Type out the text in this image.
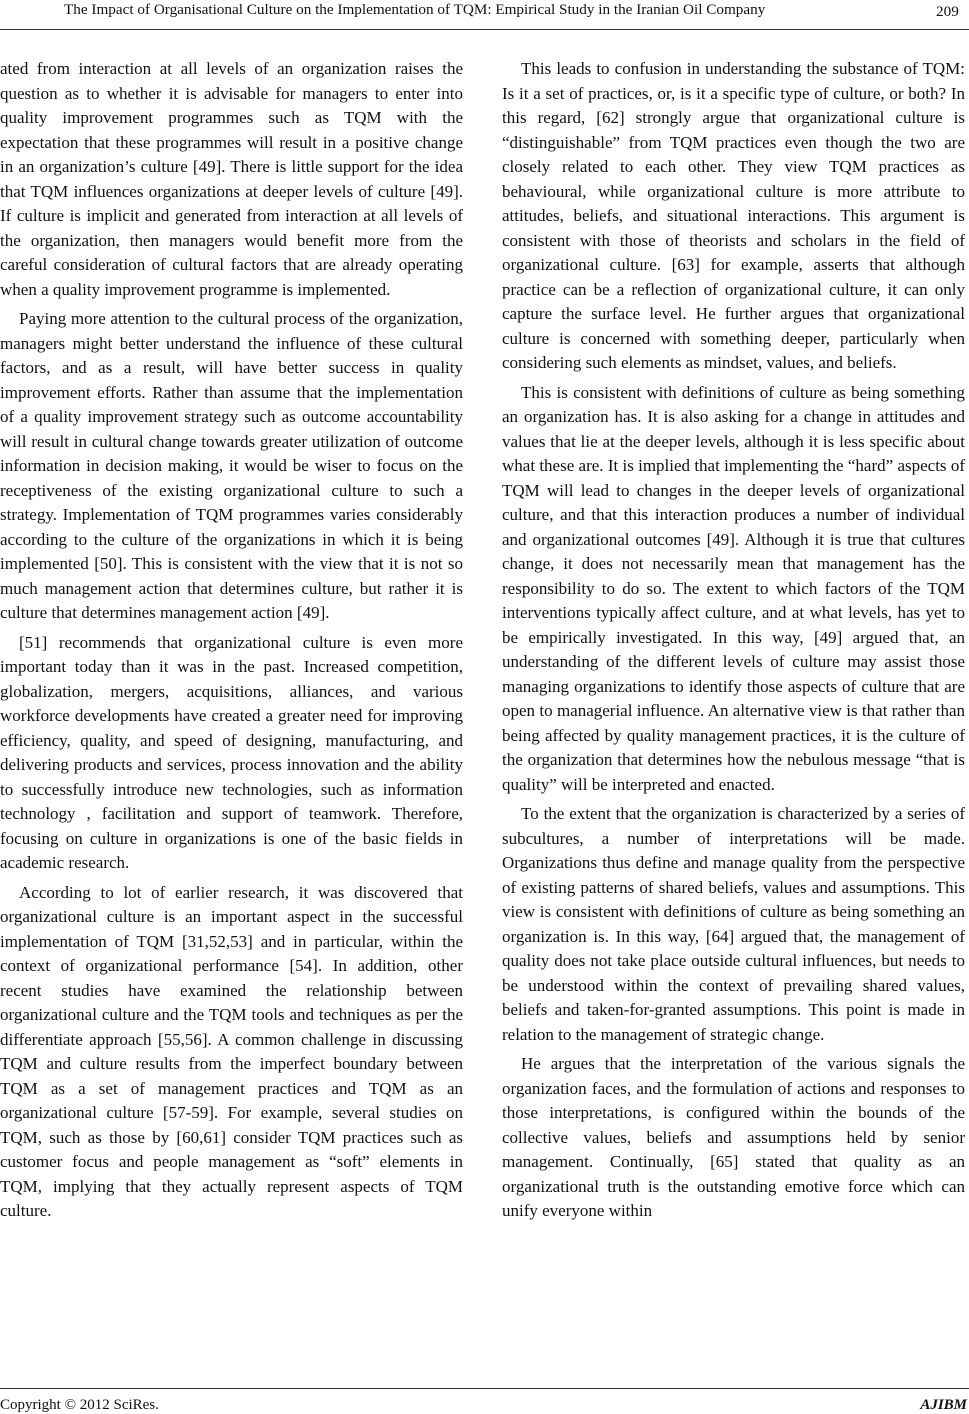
The Impact of Organisational Culture on the Implementation of TQM: Empirical Study in the Iranian Oil Company	209

ated from interaction at all levels of an organization raises the question as to whether it is advisable for managers to enter into quality improvement programmes such as TQM with the expectation that these programmes will result in a positive change in an organization’s culture [49]. There is little support for the idea that TQM influences organizations at deeper levels of culture [49]. If culture is implicit and generated from interaction at all levels of the organization, then managers would benefit more from the careful consideration of cultural factors that are already operating when a quality improvement programme is implemented.

Paying more attention to the cultural process of the organization, managers might better understand the influence of these cultural factors, and as a result, will have better success in quality improvement efforts. Rather than assume that the implementation of a quality improvement strategy such as outcome accountability will result in cultural change towards greater utilization of outcome information in decision making, it would be wiser to focus on the receptiveness of the existing organizational culture to such a strategy. Implementation of TQM programmes varies considerably according to the culture of the organizations in which it is being implemented [50]. This is consistent with the view that it is not so much management action that determines culture, but rather it is culture that determines management action [49].

[51] recommends that organizational culture is even more important today than it was in the past. Increased competition, globalization, mergers, acquisitions, alliances, and various workforce developments have created a greater need for improving efficiency, quality, and speed of designing, manufacturing, and delivering products and services, process innovation and the ability to successfully introduce new technologies, such as information technology , facilitation and support of teamwork. Therefore, focusing on culture in organizations is one of the basic fields in academic research.

According to lot of earlier research, it was discovered that organizational culture is an important aspect in the successful implementation of TQM [31,52,53] and in particular, within the context of organizational performance [54]. In addition, other recent studies have examined the relationship between organizational culture and the TQM tools and techniques as per the differentiate approach [55,56]. A common challenge in discussing TQM and culture results from the imperfect boundary between TQM as a set of management practices and TQM as an organizational culture [57-59]. For example, several studies on TQM, such as those by [60,61] consider TQM practices such as customer focus and people management as “soft” elements in TQM, implying that they actually represent aspects of TQM culture.

This leads to confusion in understanding the substance of TQM: Is it a set of practices, or, is it a specific type of culture, or both? In this regard, [62] strongly argue that organizational culture is “distinguishable” from TQM practices even though the two are closely related to each other. They view TQM practices as behavioural, while organizational culture is more attribute to attitudes, beliefs, and situational interactions. This argument is consistent with those of theorists and scholars in the field of organizational culture. [63] for example, asserts that although practice can be a reflection of organizational culture, it can only capture the surface level. He further argues that organizational culture is concerned with something deeper, particularly when considering such elements as mindset, values, and beliefs.

This is consistent with definitions of culture as being something an organization has. It is also asking for a change in attitudes and values that lie at the deeper levels, although it is less specific about what these are. It is implied that implementing the “hard” aspects of TQM will lead to changes in the deeper levels of organizational culture, and that this interaction produces a number of individual and organizational outcomes [49]. Although it is true that cultures change, it does not necessarily mean that management has the responsibility to do so. The extent to which factors of the TQM interventions typically affect culture, and at what levels, has yet to be empirically investigated. In this way, [49] argued that, an understanding of the different levels of culture may assist those managing organizations to identify those aspects of culture that are open to managerial influence. An alternative view is that rather than being affected by quality management practices, it is the culture of the organization that determines how the nebulous message “that is quality” will be interpreted and enacted.

To the extent that the organization is characterized by a series of subcultures, a number of interpretations will be made. Organizations thus define and manage quality from the perspective of existing patterns of shared beliefs, values and assumptions. This view is consistent with definitions of culture as being something an organization is. In this way, [64] argued that, the management of quality does not take place outside cultural influences, but needs to be understood within the context of prevailing shared values, beliefs and taken-for-granted assumptions. This point is made in relation to the management of strategic change.

He argues that the interpretation of the various signals the organization faces, and the formulation of actions and responses to those interpretations, is configured within the bounds of the collective values, beliefs and assumptions held by senior management. Continually, [65] stated that quality as an organizational truth is the outstanding emotive force which can unify everyone within

Copyright © 2012 SciRes.	AJIBM
